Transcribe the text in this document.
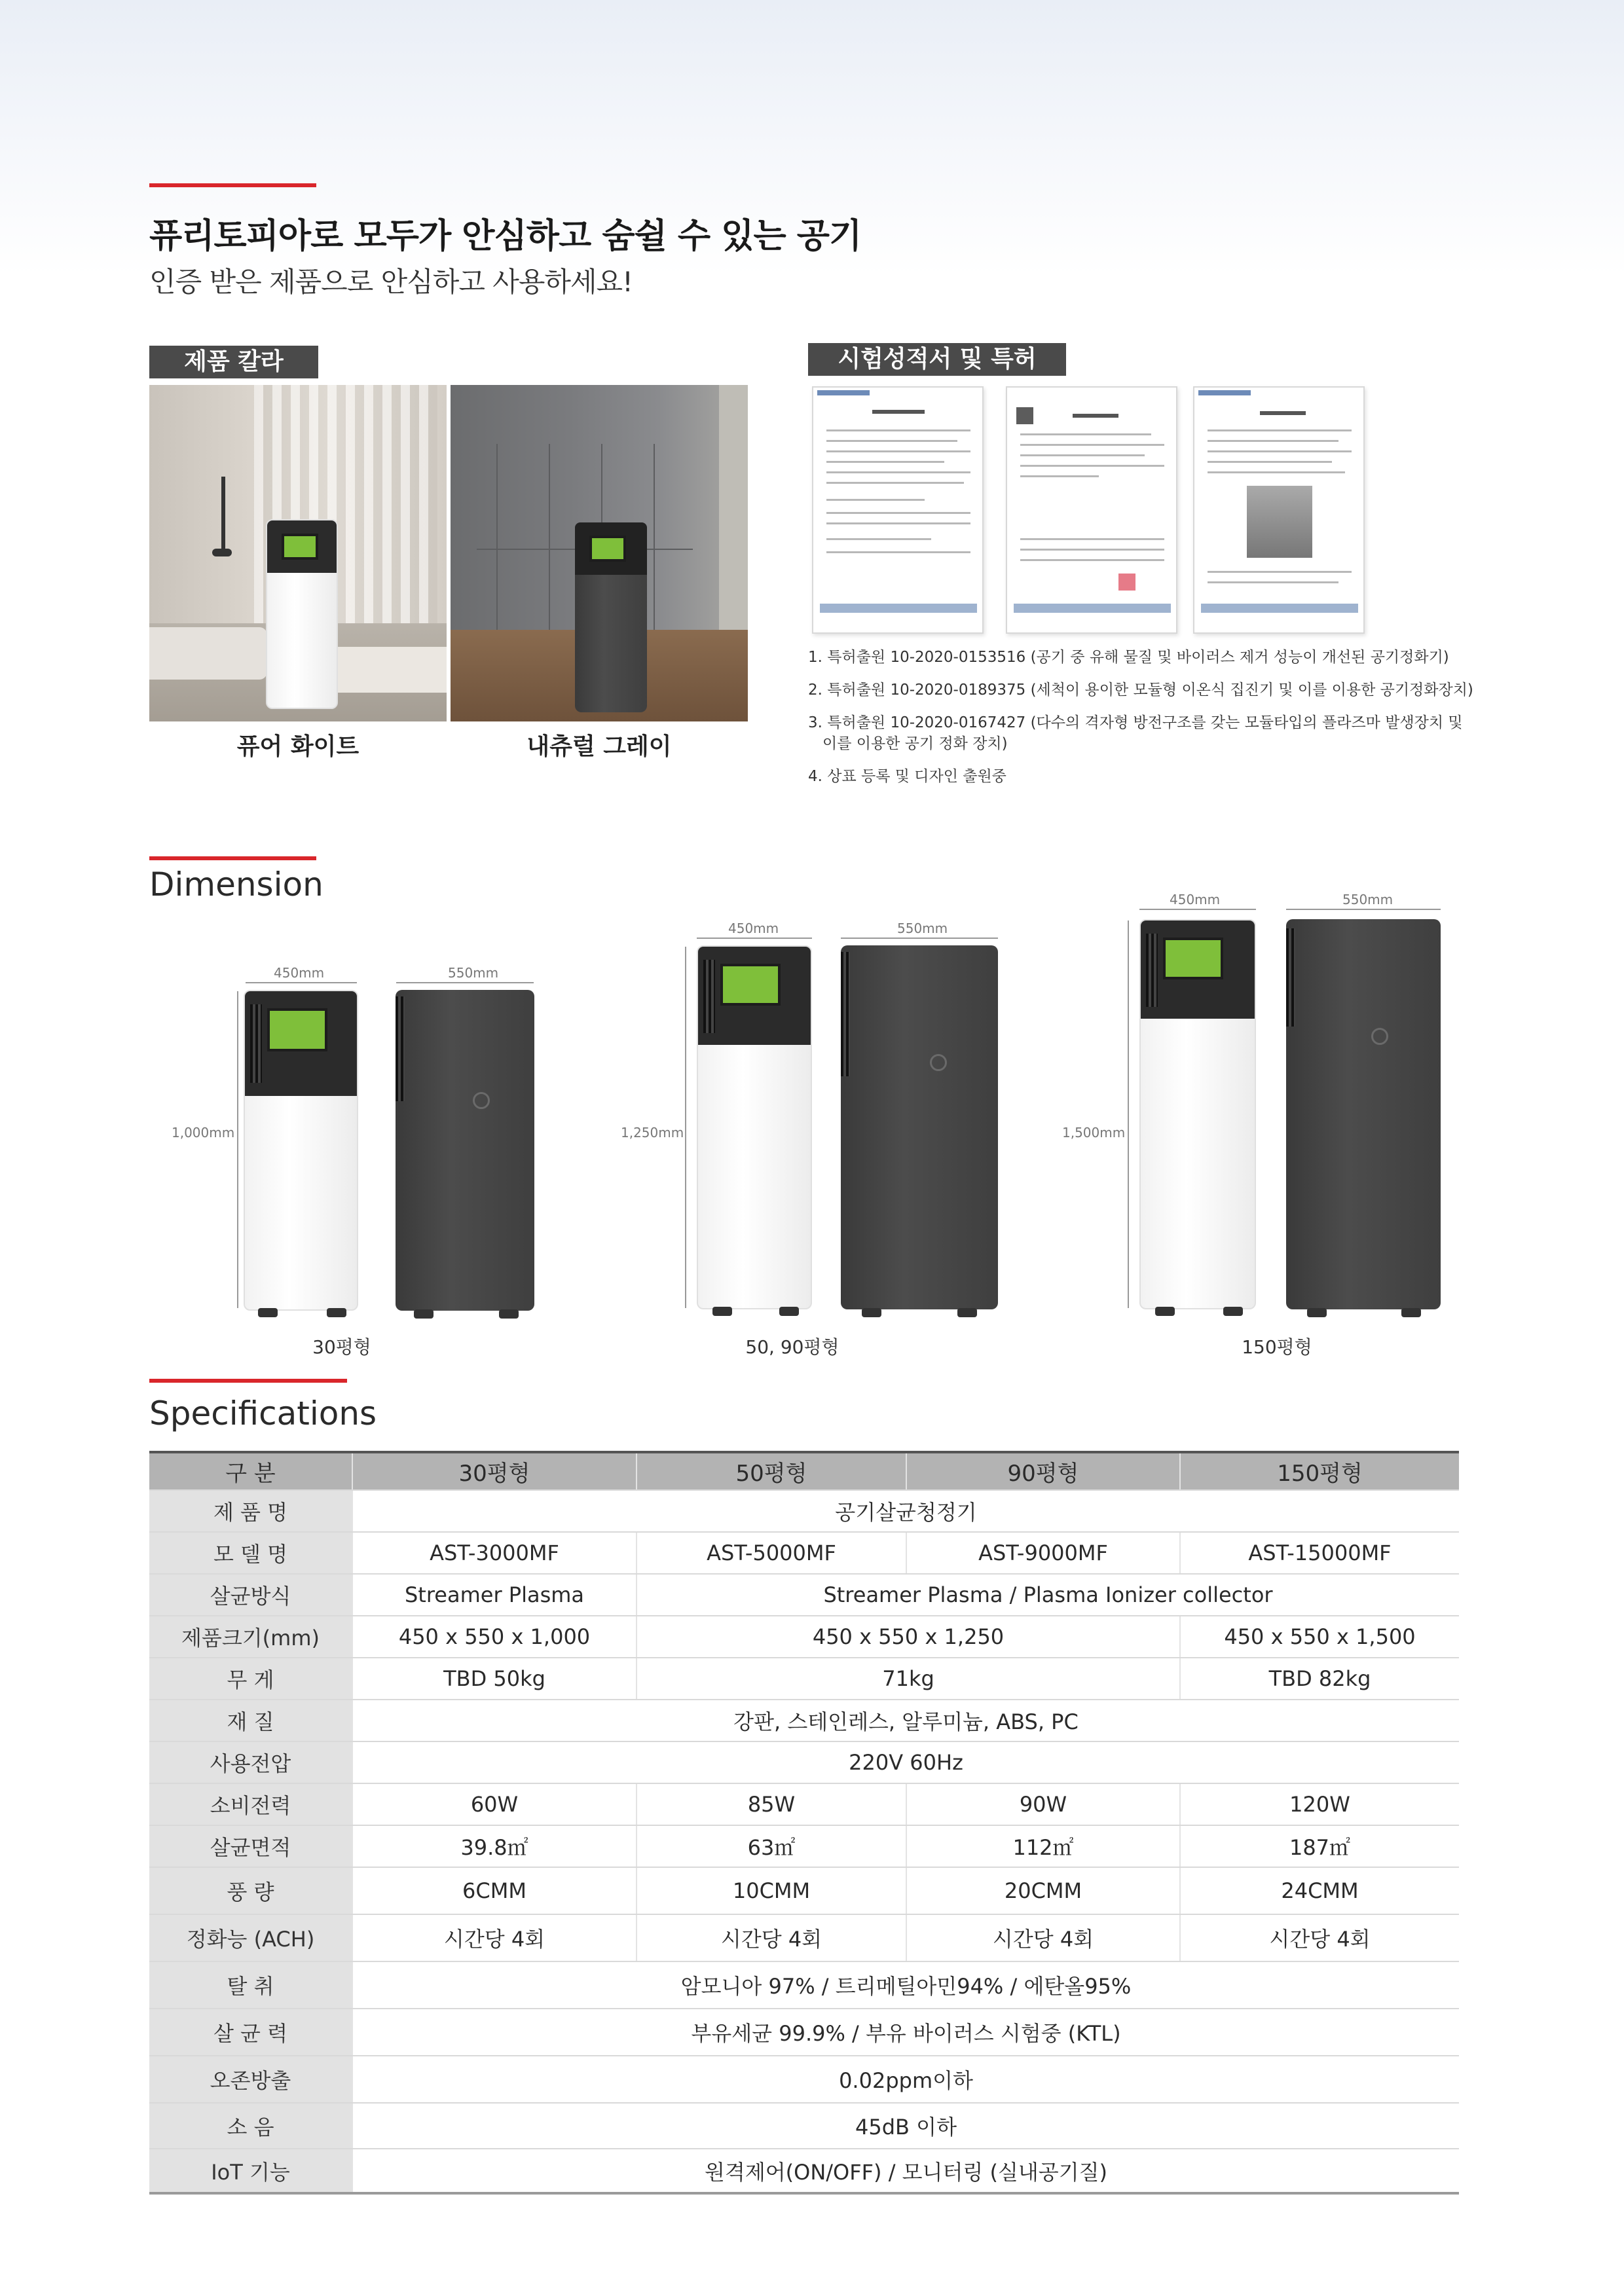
퓨리토피아로 모두가 안심하고 숨쉴 수 있는 공기
인증 받은 제품으로 안심하고 사용하세요!
제품 칼라
퓨어 화이트	내츄럴 그레이
시험성적서 및 특허
1. 특허출원 10-2020-0153516 (공기 중 유해 물질 및 바이러스 제거 성능이 개선된 공기정화기)
2. 특허출원 10-2020-0189375 (세척이 용이한 모듈형 이온식 집진기 및 이를 이용한 공기정화장치)
3. 특허출원 10-2020-0167427 (다수의 격자형 방전구조를 갖는 모듈타입의 플라즈마 발생장치 및
이를 이용한 공기 정화 장치)
4. 상표 등록 및 디자인 출원중
Dimension
450mm	550mm
1,000mm
30평형
450mm	550mm
1,250mm
50, 90평형
450mm	550mm
1,500mm
150평형
Specifications
구 분	30평형	50평형	90평형	150평형
제 품 명	공기살균청정기			
모 델 명	AST-3000MF	AST-5000MF	AST-9000MF	AST-15000MF
살균방식	Streamer Plasma	Streamer Plasma / Plasma Ionizer collector		
제품크기(mm)	450 x 550 x 1,000	450 x 550 x 1,250		450 x 550 x 1,500
무 게	TBD 50kg	71kg		TBD 82kg
재 질	강판, 스테인레스, 알루미늄, ABS, PC			
사용전압	220V 60Hz			
소비전력	60W	85W	90W	120W
살균면적	39.8㎡	63㎡	112㎡	187㎡
풍 량	6CMM	10CMM	20CMM	24CMM
정화능 (ACH)	시간당 4회	시간당 4회	시간당 4회	시간당 4회
탈 취	암모니아 97% / 트리메틸아민94% / 에탄올95%			
살 균 력	부유세균 99.9% / 부유 바이러스 시험중 (KTL)			
오존방출	0.02ppm이하			
소 음	45dB 이하			
IoT 기능	원격제어(ON/OFF) / 모니터링 (실내공기질)			
